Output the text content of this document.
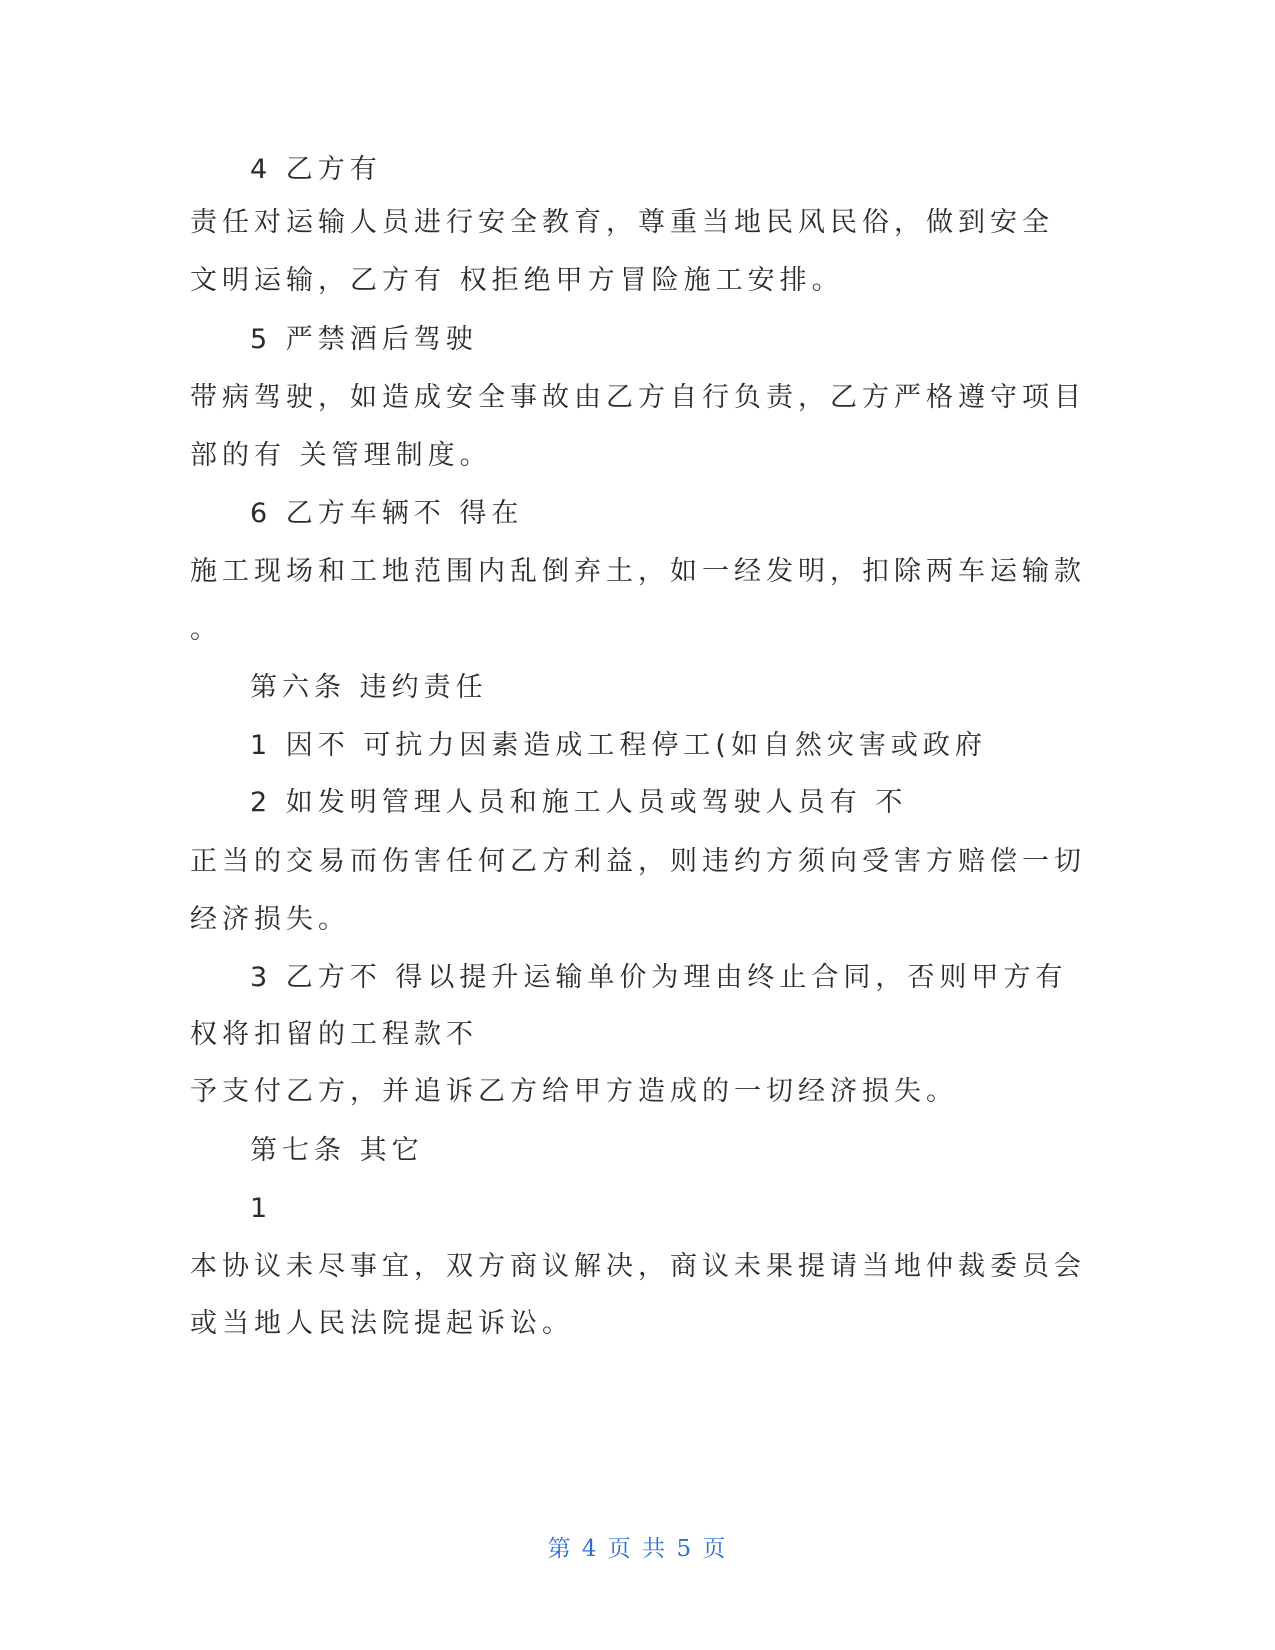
4 乙方有
责任对运输人员进行安全教育，尊重当地民风民俗，做到安全
文明运输，乙方有 权拒绝甲方冒险施工安排。
5 严禁酒后驾驶
带病驾驶，如造成安全事故由乙方自行负责，乙方严格遵守项目
部的有 关管理制度。
6 乙方车辆不 得在
施工现场和工地范围内乱倒弃土，如一经发明，扣除两车运输款
。
第六条 违约责任
1 因不 可抗力因素造成工程停工(如自然灾害或政府
2 如发明管理人员和施工人员或驾驶人员有 不
正当的交易而伤害任何乙方利益，则违约方须向受害方赔偿一切
经济损失。
3 乙方不 得以提升运输单价为理由终止合同，否则甲方有
权将扣留的工程款不
予支付乙方，并追诉乙方给甲方造成的一切经济损失。
第七条 其它
1
本协议未尽事宜，双方商议解决，商议未果提请当地仲裁委员会
或当地人民法院提起诉讼。
第 4 页 共 5 页
